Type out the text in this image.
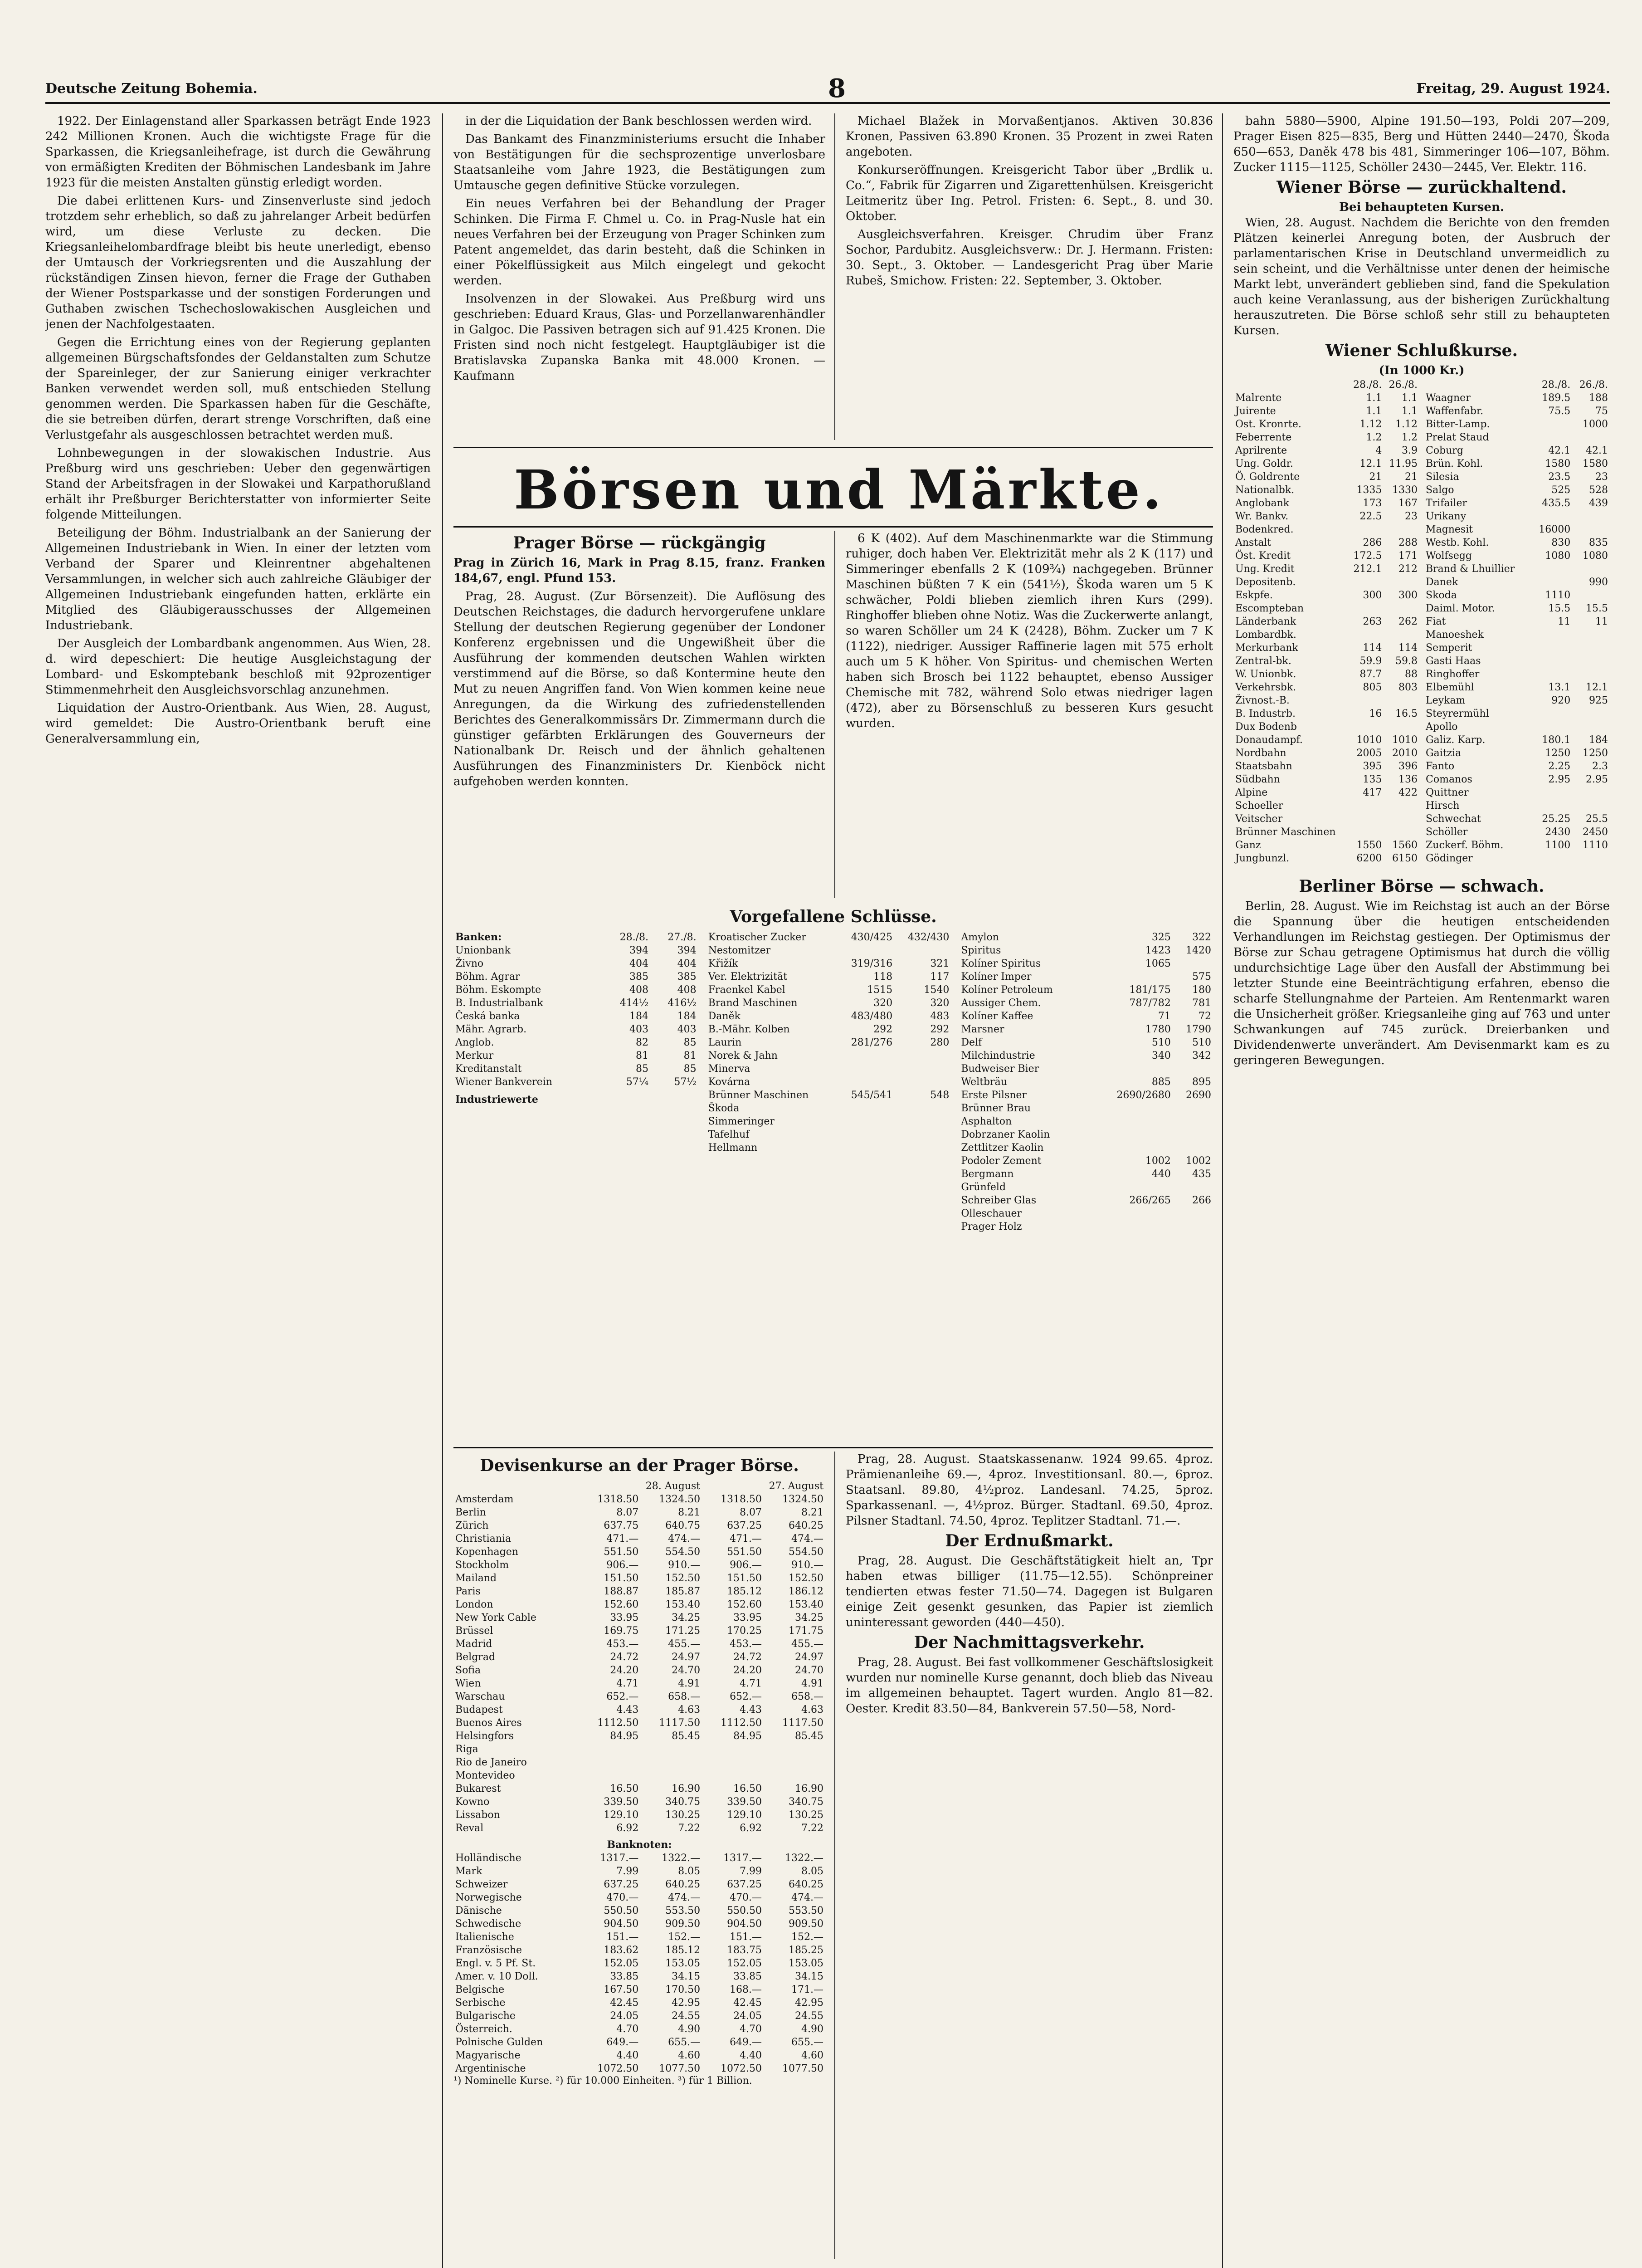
Deutsche Zeitung Bohemia.	8	Freitag, 29. August 1924.

1922. Der Einlagenstand aller Sparkassen beträgt Ende 1923 242 Millionen Kronen. Auch die wichtigste Frage für die Sparkassen, die Kriegsanleihefrage, ist durch die Gewährung von ermäßigten Krediten der Böhmischen Landesbank im Jahre 1923 für die meisten Anstalten günstig erledigt worden.

Die dabei erlittenen Kurs- und Zinsenverluste sind jedoch trotzdem sehr erheblich, so daß zu jahrelanger Arbeit bedürfen wird, um diese Verluste zu decken. Die Kriegsanleihelombardfrage bleibt bis heute unerledigt, ebenso der Umtausch der Vorkriegsrenten und die Auszahlung der rückständigen Zinsen hievon, ferner die Frage der Guthaben der Wiener Postsparkasse und der sonstigen Forderungen und Guthaben zwischen Tschechoslowakischen Ausgleichen und jenen der Nachfolgestaaten.

Gegen die Errichtung eines von der Regierung geplanten allgemeinen Bürgschaftsfondes der Geldanstalten zum Schutze der Spareinleger, der zur Sanierung einiger verkrachter Banken verwendet werden soll, muß entschieden Stellung genommen werden. Die Sparkassen haben für die Geschäfte, die sie betreiben dürfen, derart strenge Vorschriften, daß eine Verlustgefahr als ausgeschlossen betrachtet werden muß.

Lohnbewegungen in der slowakischen Industrie. Aus Preßburg wird uns geschrieben: Ueber den gegenwärtigen Stand der Arbeitsfragen in der Slowakei und Karpathorußland erhält ihr Preßburger Berichterstatter von informierter Seite folgende Mitteilungen.

Beteiligung der Böhm. Industrialbank an der Sanierung der Allgemeinen Industriebank in Wien. In einer der letzten vom Verband der Sparer und Kleinrentner abgehaltenen Versammlungen, in welcher sich auch zahlreiche Gläubiger der Allgemeinen Industriebank eingefunden hatten, erklärte ein Mitglied des Gläubigerausschusses der Allgemeinen Industriebank.

Der Ausgleich der Lombardbank angenommen. Aus Wien, 28. d. wird depeschiert: Die heutige Ausgleichstagung der Lombard- und Eskomptebank beschloß mit 92prozentiger Stimmenmehrheit den Ausgleichsvorschlag anzunehmen.

Liquidation der Austro-Orientbank. Aus Wien, 28. August, wird gemeldet: Die Austro-Orientbank beruft eine Generalversammlung ein,

in der die Liquidation der Bank beschlossen werden wird.

Das Bankamt des Finanzministeriums ersucht die Inhaber von Bestätigungen für die sechsprozentige unverlosbare Staatsanleihe vom Jahre 1923, die Bestätigungen zum Umtausche gegen definitive Stücke vorzulegen.

Ein neues Verfahren bei der Behandlung der Prager Schinken. Die Firma F. Chmel u. Co. in Prag-Nusle hat ein neues Verfahren bei der Erzeugung von Prager Schinken zum Patent angemeldet, das darin besteht, daß die Schinken in einer Pökelflüssigkeit aus Milch eingelegt und gekocht werden.

Insolvenzen in der Slowakei. Aus Preßburg wird uns geschrieben: Eduard Kraus, Glas- und Porzellanwarenhändler in Galgoc. Die Passiven betragen sich auf 91.425 Kronen. Die Fristen sind noch nicht festgelegt. Hauptgläubiger ist die Bratislavska Zupanska Banka mit 48.000 Kronen. — Kaufmann

Michael Blažek in Morvaßentjanos. Aktiven 30.836 Kronen, Passiven 63.890 Kronen. 35 Prozent in zwei Raten angeboten.

Konkurseröffnungen. Kreisgericht Tabor über „Brdlik u. Co.“, Fabrik für Zigarren und Zigarettenhülsen. Kreisgericht Leitmeritz über Ing. Petrol. Fristen: 6. Sept., 8. und 30. Oktober.

Ausgleichsverfahren. Kreisger. Chrudim über Franz Sochor, Pardubitz. Ausgleichsverw.: Dr. J. Hermann. Fristen: 30. Sept., 3. Oktober. — Landesgericht Prag über Marie Rubeš, Smichow. Fristen: 22. September, 3. Oktober.

Börsen und Märkte.
Prager Börse — rückgängig

Prag in Zürich 16, Mark in Prag 8.15, franz. Franken 184,67, engl. Pfund 153.

Prag, 28. August. (Zur Börsenzeit). Die Auflösung des Deutschen Reichstages, die dadurch hervorgerufene unklare Stellung der deutschen Regierung gegenüber der Londoner Konferenz ergebnissen und die Ungewißheit über die Ausführung der kommenden deutschen Wahlen wirkten verstimmend auf die Börse, so daß Kontermine heute den Mut zu neuen Angriffen fand. Von Wien kommen keine neue Anregungen, da die Wirkung des zufriedenstellenden Berichtes des Generalkommissärs Dr. Zimmermann durch die günstiger gefärbten Erklärungen des Gouverneurs der Nationalbank Dr. Reisch und der ähnlich gehaltenen Ausführungen des Finanzministers Dr. Kienböck nicht aufgehoben werden konnten.

6 K (402). Auf dem Maschinenmarkte war die Stimmung ruhiger, doch haben Ver. Elektrizität mehr als 2 K (117) und Simmeringer ebenfalls 2 K (109¾) nachgegeben. Brünner Maschinen büßten 7 K ein (541½), Škoda waren um 5 K schwächer, Poldi blieben ziemlich ihren Kurs (299). Ringhoffer blieben ohne Notiz. Was die Zuckerwerte anlangt, so waren Schöller um 24 K (2428), Böhm. Zucker um 7 K (1122), niedriger. Aussiger Raffinerie lagen mit 575 erholt auch um 5 K höher. Von Spiritus- und chemischen Werten haben sich Brosch bei 1122 behauptet, ebenso Aussiger Chemische mit 782, während Solo etwas niedriger lagen (472), aber zu Börsenschluß zu besseren Kurs gesucht wurden.

Vorgefallene Schlüsse.
Banken:	28./8.	27./8.
Unionbank	394	394
Živno	404	404
Böhm. Agrar	385	385
Böhm. Eskompte	408	408
B. Industrialbank	414½	416½
Česká banka	184	184
Mähr. Agrarb.	403	403
Anglob.	82	85
Merkur	81	81
Kreditanstalt	85	85
Wiener Bankverein	57¼	57½
Industriewerte		
Kroatischer Zucker	430/425	432/430
Nestomitzer		
Křižík	319/316	321
Ver. Elektrizität	118	117
Fraenkel Kabel	1515	1540
Brand Maschinen	320	320
Daněk	483/480	483
B.-Mähr. Kolben	292	292
Laurin	281/276	280
Norek & Jahn		
Minerva		
Kovárna		
Brünner Maschinen	545/541	548
Škoda		
Simmeringer		
Tafelhuf		
Hellmann		
Amylon	325	322
Spiritus	1423	1420
Kolíner Spiritus	1065	
Kolíner Imper		575
Kolíner Petroleum	181/175	180
Aussiger Chem.	787/782	781
Kolíner Kaffee	71	72
Marsner	1780	1790
Delf	510	510
Milchindustrie	340	342
Budweiser Bier		
Weltbräu	885	895
Erste Pilsner	2690/2680	2690
Brünner Brau		
Asphalton		
Dobrzaner Kaolin		
Zettlitzer Kaolin		
Podoler Zement	1002	1002
Bergmann	440	435
Grünfeld		
Schreiber Glas	266/265	266
Olleschauer		
Prager Holz		
Devisenkurse an der Prager Börse.
	28. August		27. August	
Amsterdam	1318.50	1324.50	1318.50	1324.50
Berlin	8.07	8.21	8.07	8.21
Zürich	637.75	640.75	637.25	640.25
Christiania	471.—	474.—	471.—	474.—
Kopenhagen	551.50	554.50	551.50	554.50
Stockholm	906.—	910.—	906.—	910.—
Mailand	151.50	152.50	151.50	152.50
Paris	188.87	185.87	185.12	186.12
London	152.60	153.40	152.60	153.40
New York Cable	33.95	34.25	33.95	34.25
Brüssel	169.75	171.25	170.25	171.75
Madrid	453.—	455.—	453.—	455.—
Belgrad	24.72	24.97	24.72	24.97
Sofia	24.20	24.70	24.20	24.70
Wien	4.71	4.91	4.71	4.91
Warschau	652.—	658.—	652.—	658.—
Budapest	4.43	4.63	4.43	4.63
Buenos Aires	1112.50	1117.50	1112.50	1117.50
Helsingfors	84.95	85.45	84.95	85.45
Riga				
Rio de Janeiro				
Montevideo				
Bukarest	16.50	16.90	16.50	16.90
Kowno	339.50	340.75	339.50	340.75
Lissabon	129.10	130.25	129.10	130.25
Reval	6.92	7.22	6.92	7.22
Banknoten:				
Holländische	1317.—	1322.—	1317.—	1322.—
Mark	7.99	8.05	7.99	8.05
Schweizer	637.25	640.25	637.25	640.25
Norwegische	470.—	474.—	470.—	474.—
Dänische	550.50	553.50	550.50	553.50
Schwedische	904.50	909.50	904.50	909.50
Italienische	151.—	152.—	151.—	152.—
Französische	183.62	185.12	183.75	185.25
Engl. v. 5 Pf. St.	152.05	153.05	152.05	153.05
Amer. v. 10 Doll.	33.85	34.15	33.85	34.15
Belgische	167.50	170.50	168.—	171.—
Serbische	42.45	42.95	42.45	42.95
Bulgarische	24.05	24.55	24.05	24.55
Österreich.	4.70	4.90	4.70	4.90
Polnische Gulden	649.—	655.—	649.—	655.—
Magyarische	4.40	4.60	4.40	4.60
Argentinische	1072.50	1077.50	1072.50	1077.50
¹) Nominelle Kurse. ²) für 10.000 Einheiten. ³) für 1 Billion.

Prag, 28. August. Staatskassenanw. 1924 99.65. 4proz. Prämienanleihe 69.—, 4proz. Investitionsanl. 80.—, 6proz. Staatsanl. 89.80, 4½proz. Landesanl. 74.25, 5proz. Sparkassenanl. —, 4½proz. Bürger. Stadtanl. 69.50, 4proz. Pilsner Stadtanl. 74.50, 4proz. Teplitzer Stadtanl. 71.—.

Der Erdnußmarkt.

Prag, 28. August. Die Geschäftstätigkeit hielt an, Tpr haben etwas billiger (11.75—12.55). Schönpreiner tendierten etwas fester 71.50—74. Dagegen ist Bulgaren einige Zeit gesenkt gesunken, das Papier ist ziemlich uninteressant geworden (440—450).

Der Nachmittagsverkehr.

Prag, 28. August. Bei fast vollkommener Geschäftslosigkeit wurden nur nominelle Kurse genannt, doch blieb das Niveau im allgemeinen behauptet. Tagert wurden. Anglo 81—82. Oester. Kredit 83.50—84, Bankverein 57.50—58, Nord-

bahn 5880—5900, Alpine 191.50—193, Poldi 207—209, Prager Eisen 825—835, Berg und Hütten 2440—2470, Škoda 650—653, Daněk 478 bis 481, Simmeringer 106—107, Böhm. Zucker 1115—1125, Schöller 2430—2445, Ver. Elektr. 116.

Wiener Börse — zurückhaltend.
Bei behaupteten Kursen.

Wien, 28. August. Nachdem die Berichte von den fremden Plätzen keinerlei Anregung boten, der Ausbruch der parlamentarischen Krise in Deutschland unvermeidlich zu sein scheint, und die Verhältnisse unter denen der heimische Markt lebt, unverändert geblieben sind, fand die Spekulation auch keine Veranlassung, aus der bisherigen Zurückhaltung herauszutreten. Die Börse schloß sehr still zu behaupteten Kursen.

Wiener Schlußkurse.
(In 1000 Kr.)
	28./8.	26./8.
Malrente	1.1	1.1
Juirente	1.1	1.1
Ost. Kronrte.	1.12	1.12
Feberrente	1.2	1.2
Aprilrente	4	3.9
Ung. Goldr.	12.1	11.95
Ö. Goldrente	21	21
Nationalbk.	1335	1330
Anglobank	173	167
Wr. Bankv.	22.5	23
Bodenkred.		
Anstalt	286	288
Öst. Kredit	172.5	171
Ung. Kredit	212.1	212
Depositenb.		
Eskpfe.	300	300
Escompteban		
Länderbank	263	262
Lombardbk.		
Merkurbank	114	114
Zentral-bk.	59.9	59.8
W. Unionbk.	87.7	88
Verkehrsbk.	805	803
Živnost.-B.		
B. Industrb.	16	16.5
Dux Bodenb		
Donaudampf.	1010	1010
Nordbahn	2005	2010
Staatsbahn	395	396
Südbahn	135	136
Alpine	417	422
Schoeller		
Veitscher		
Brünner Maschinen		
Ganz	1550	1560
Jungbunzl.	6200	6150
	28./8.	26./8.
Waagner	189.5	188
Waffenfabr.	75.5	75
Bitter-Lamp.		1000
Prelat Staud		
Coburg	42.1	42.1
Brün. Kohl.	1580	1580
Silesia	23.5	23
Salgo	525	528
Trifailer	435.5	439
Urikany		
Magnesit	16000	
Westb. Kohl.	830	835
Wolfsegg	1080	1080
Brand & Lhuillier		
Danek		990
Skoda	1110	
Daiml. Motor.	15.5	15.5
Fiat	11	11
Manoeshek		
Semperit		
Gasti Haas		
Ringhoffer		
Elbemühl	13.1	12.1
Leykam	920	925
Steyrermühl		
Apollo		
Galiz. Karp.	180.1	184
Gaitzia	1250	1250
Fanto	2.25	2.3
Comanos	2.95	2.95
Quittner		
Hirsch		
Schwechat	25.25	25.5
Schöller	2430	2450
Zuckerf. Böhm.	1100	1110
Gödinger		
Berliner Börse — schwach.

Berlin, 28. August. Wie im Reichstag ist auch an der Börse die Spannung über die heutigen entscheidenden Verhandlungen im Reichstag gestiegen. Der Optimismus der Börse zur Schau getragene Optimismus hat durch die völlig undurchsichtige Lage über den Ausfall der Abstimmung bei letzter Stunde eine Beeinträchtigung erfahren, ebenso die scharfe Stellungnahme der Parteien. Am Rentenmarkt waren die Unsicherheit größer. Kriegsanleihe ging auf 763 und unter Schwankungen auf 745 zurück. Dreierbanken und Dividendenwerte unverändert. Am Devisenmarkt kam es zu geringeren Bewegungen.
